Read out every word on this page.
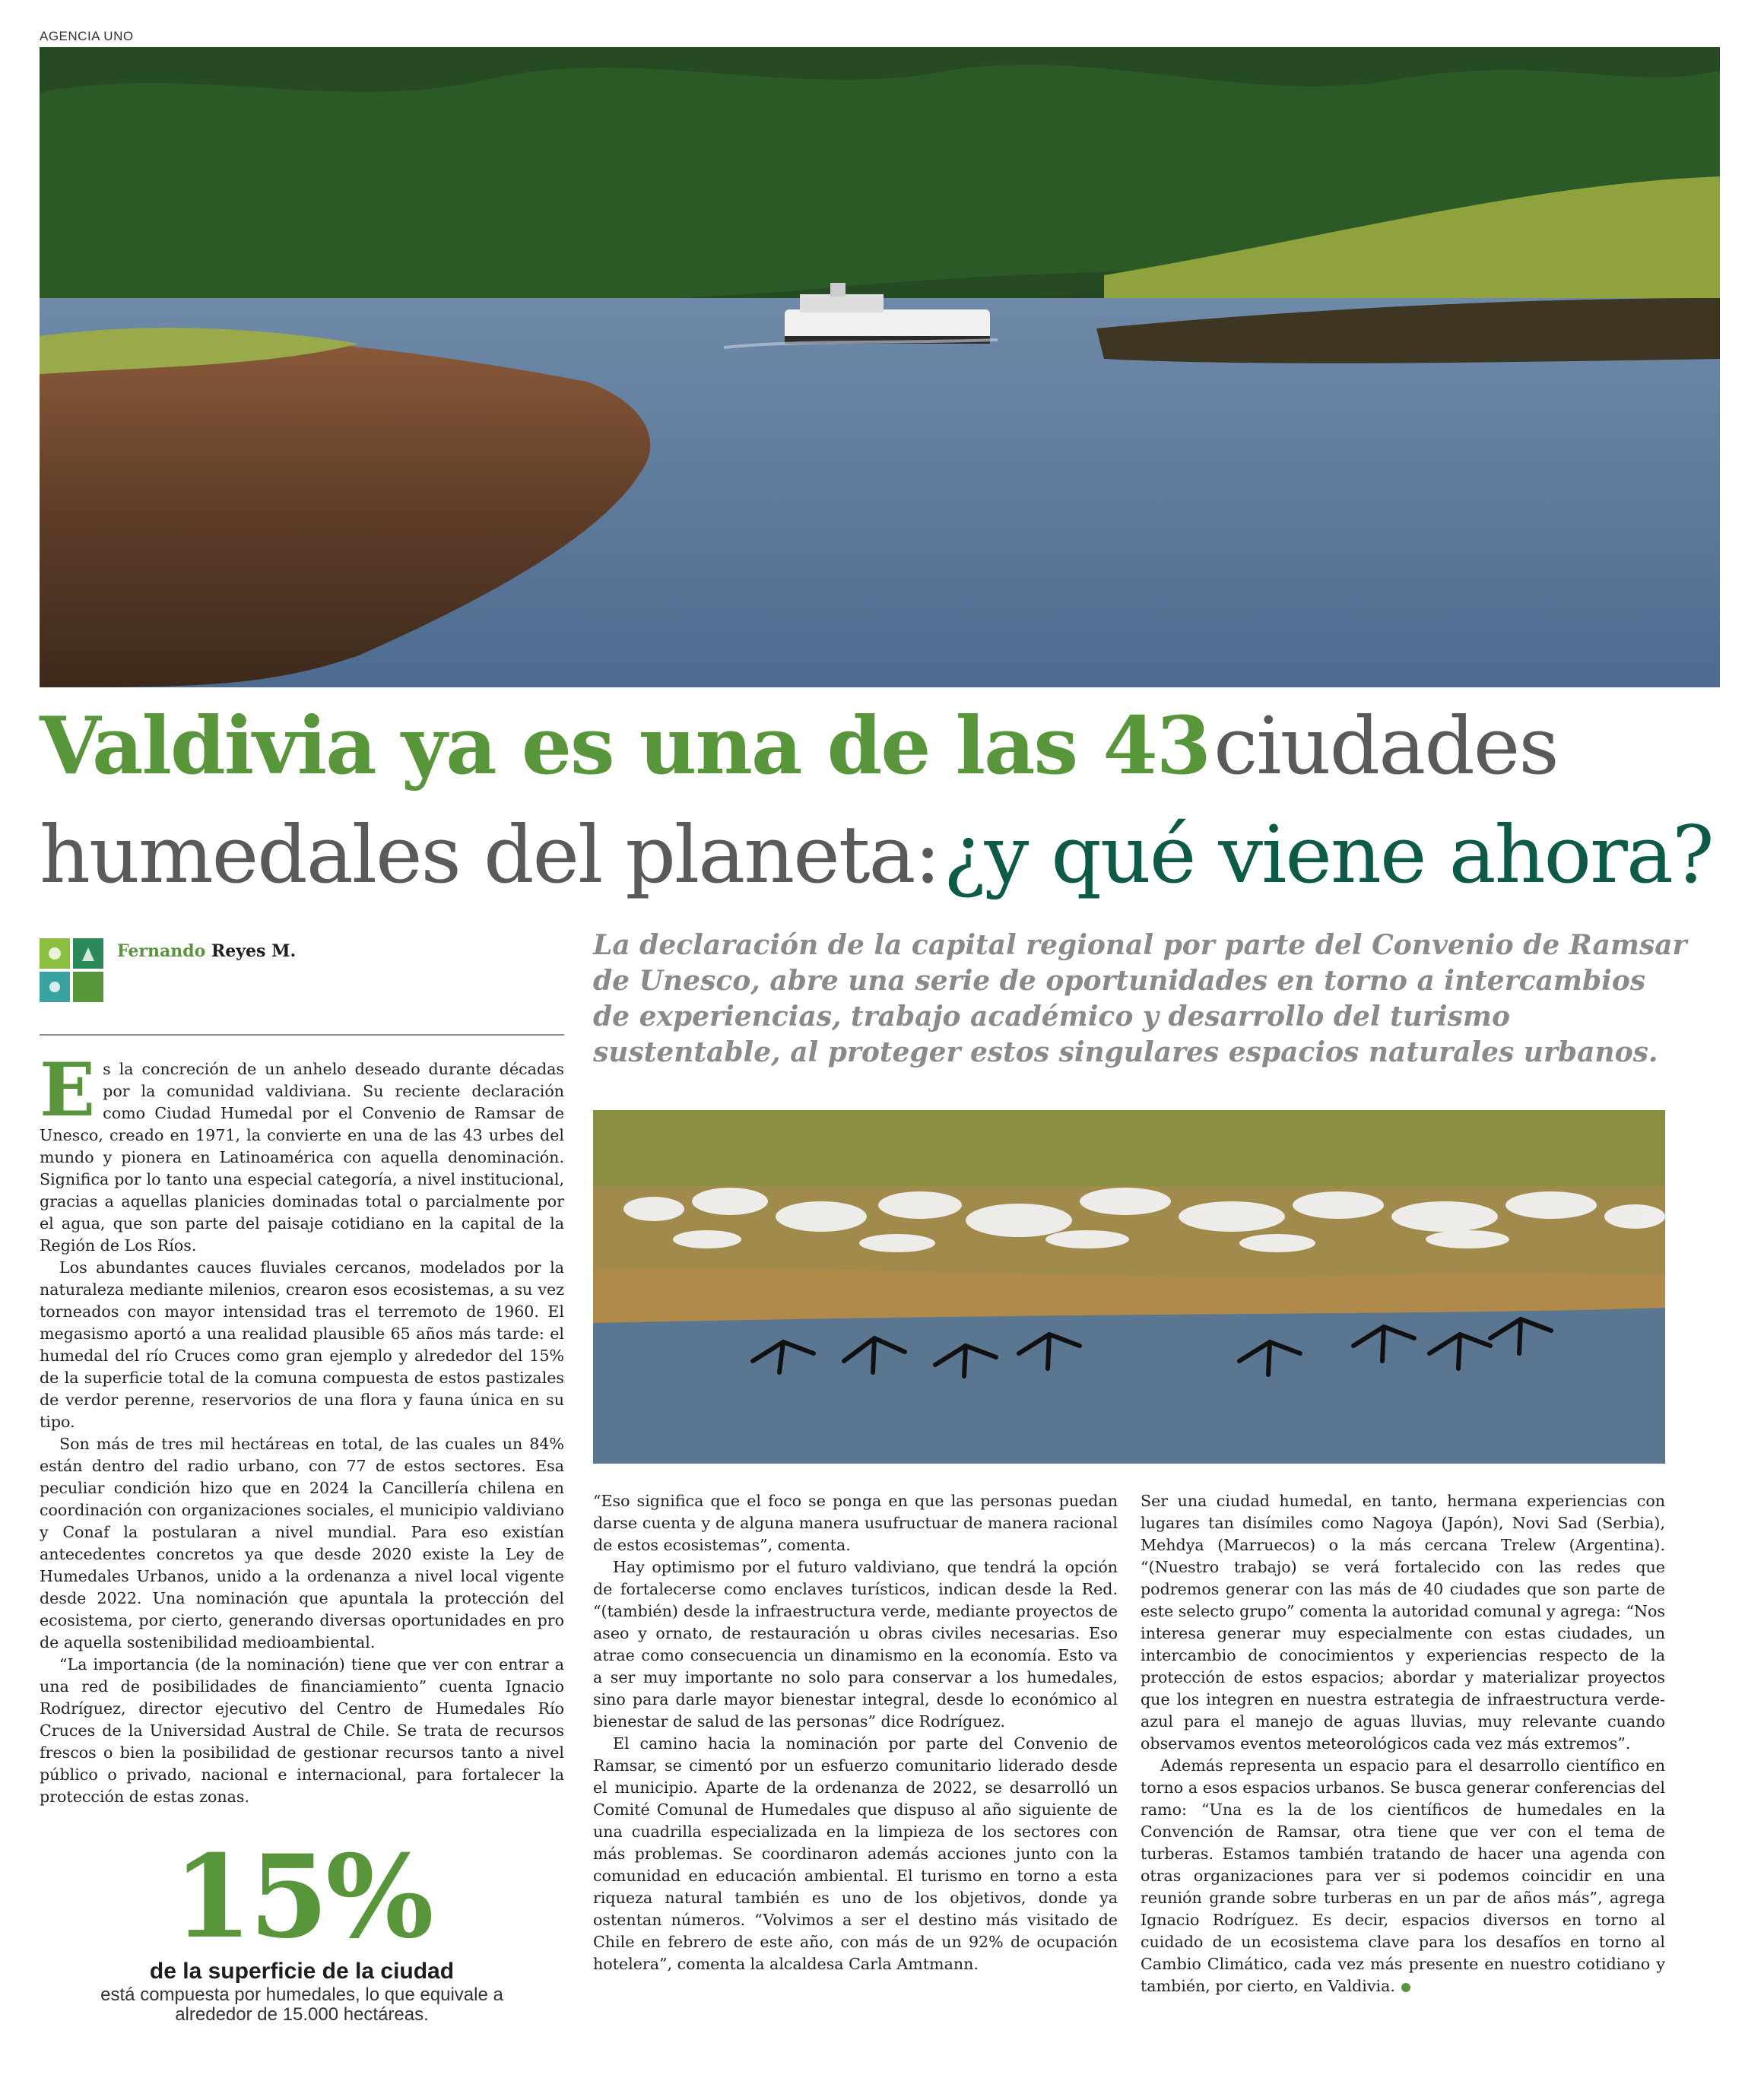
AGENCIA UNO
Valdivia ya es una de las 43 ciudades
humedales del planeta: ¿y qué viene ahora?
Fernando Reyes M.	La declaración de la capital regional por parte del Convenio de Ramsar de Unesco, abre una serie de oportunidades en torno a intercambios de experiencias, trabajo académico y desarrollo del turismo sustentable, al proteger estos singulares espacios naturales urbanos.

Es la concreción de un anhelo deseado durante décadas por la comunidad valdiviana. Su reciente declaración como Ciudad Humedal por el Convenio de Ramsar de Unesco, creado en 1971, la convierte en una de las 43 urbes del mundo y pionera en Latinoamérica con aquella denominación. Significa por lo tanto una especial categoría, a nivel institucional, gracias a aquellas planicies dominadas total o parcialmente por el agua, que son parte del paisaje cotidiano en la capital de la Región de Los Ríos.

Los abundantes cauces fluviales cercanos, modelados por la naturaleza mediante milenios, crearon esos ecosistemas, a su vez torneados con mayor intensidad tras el terremoto de 1960. El megasismo aportó a una realidad plausible 65 años más tarde: el humedal del río Cruces como gran ejemplo y alrededor del 15% de la superficie total de la comuna compuesta de estos pastizales de verdor perenne, reservorios de una flora y fauna única en su tipo.

Son más de tres mil hectáreas en total, de las cuales un 84% están dentro del radio urbano, con 77 de estos sectores. Esa peculiar condición hizo que en 2024 la Cancillería chilena en coordinación con organizaciones sociales, el municipio valdiviano y Conaf la postularan a nivel mundial. Para eso existían antecedentes concretos ya que desde 2020 existe la Ley de Humedales Urbanos, unido a la ordenanza a nivel local vigente desde 2022. Una nominación que apuntala la protección del ecosistema, por cierto, generando diversas oportunidades en pro de aquella sostenibilidad medioambiental.

“La importancia (de la nominación) tiene que ver con entrar a una red de posibilidades de financiamiento” cuenta Ignacio Rodríguez, director ejecutivo del Centro de Humedales Río Cruces de la Universidad Austral de Chile. Se trata de recursos frescos o bien la posibilidad de gestionar recursos tanto a nivel público o privado, nacional e internacional, para fortalecer la protección de estas zonas.

15%
de la superficie de la ciudad
está compuesta por humedales, lo que equivale a
alrededor de 15.000 hectáreas.

“Eso significa que el foco se ponga en que las personas puedan darse cuenta y de alguna manera usufructuar de manera racional de estos ecosistemas”, comenta.

Hay optimismo por el futuro valdiviano, que tendrá la opción de fortalecerse como enclaves turísticos, indican desde la Red. “(también) desde la infraestructura verde, mediante proyectos de aseo y ornato, de restauración u obras civiles necesarias. Eso atrae como consecuencia un dinamismo en la economía. Esto va a ser muy importante no solo para conservar a los humedales, sino para darle mayor bienestar integral, desde lo económico al bienestar de salud de las personas” dice Rodríguez.

El camino hacia la nominación por parte del Convenio de Ramsar, se cimentó por un esfuerzo comunitario liderado desde el municipio. Aparte de la ordenanza de 2022, se desarrolló un Comité Comunal de Humedales que dispuso al año siguiente de una cuadrilla especializada en la limpieza de los sectores con más problemas. Se coordinaron además acciones junto con la comunidad en educación ambiental. El turismo en torno a esta riqueza natural también es uno de los objetivos, donde ya ostentan números. “Volvimos a ser el destino más visitado de Chile en febrero de este año, con más de un 92% de ocupación hotelera”, comenta la alcaldesa Carla Amtmann.

Ser una ciudad humedal, en tanto, hermana experiencias con lugares tan disímiles como Nagoya (Japón), Novi Sad (Serbia), Mehdya (Marruecos) o la más cercana Trelew (Argentina). “(Nuestro trabajo) se verá fortalecido con las redes que podremos generar con las más de 40 ciudades que son parte de este selecto grupo” comenta la autoridad comunal y agrega: “Nos interesa generar muy especialmente con estas ciudades, un intercambio de conocimientos y experiencias respecto de la protección de estos espacios; abordar y materializar proyectos que los integren en nuestra estrategia de infraestructura verde-azul para el manejo de aguas lluvias, muy relevante cuando observamos eventos meteorológicos cada vez más extremos”.

Además representa un espacio para el desarrollo científico en torno a esos espacios urbanos. Se busca generar conferencias del ramo: “Una es la de los científicos de humedales en la Convención de Ramsar, otra tiene que ver con el tema de turberas. Estamos también tratando de hacer una agenda con otras organizaciones para ver si podemos coincidir en una reunión grande sobre turberas en un par de años más”, agrega Ignacio Rodríguez. Es decir, espacios diversos en torno al cuidado de un ecosistema clave para los desafíos en torno al Cambio Climático, cada vez más presente en nuestro cotidiano y también, por cierto, en Valdivia.
